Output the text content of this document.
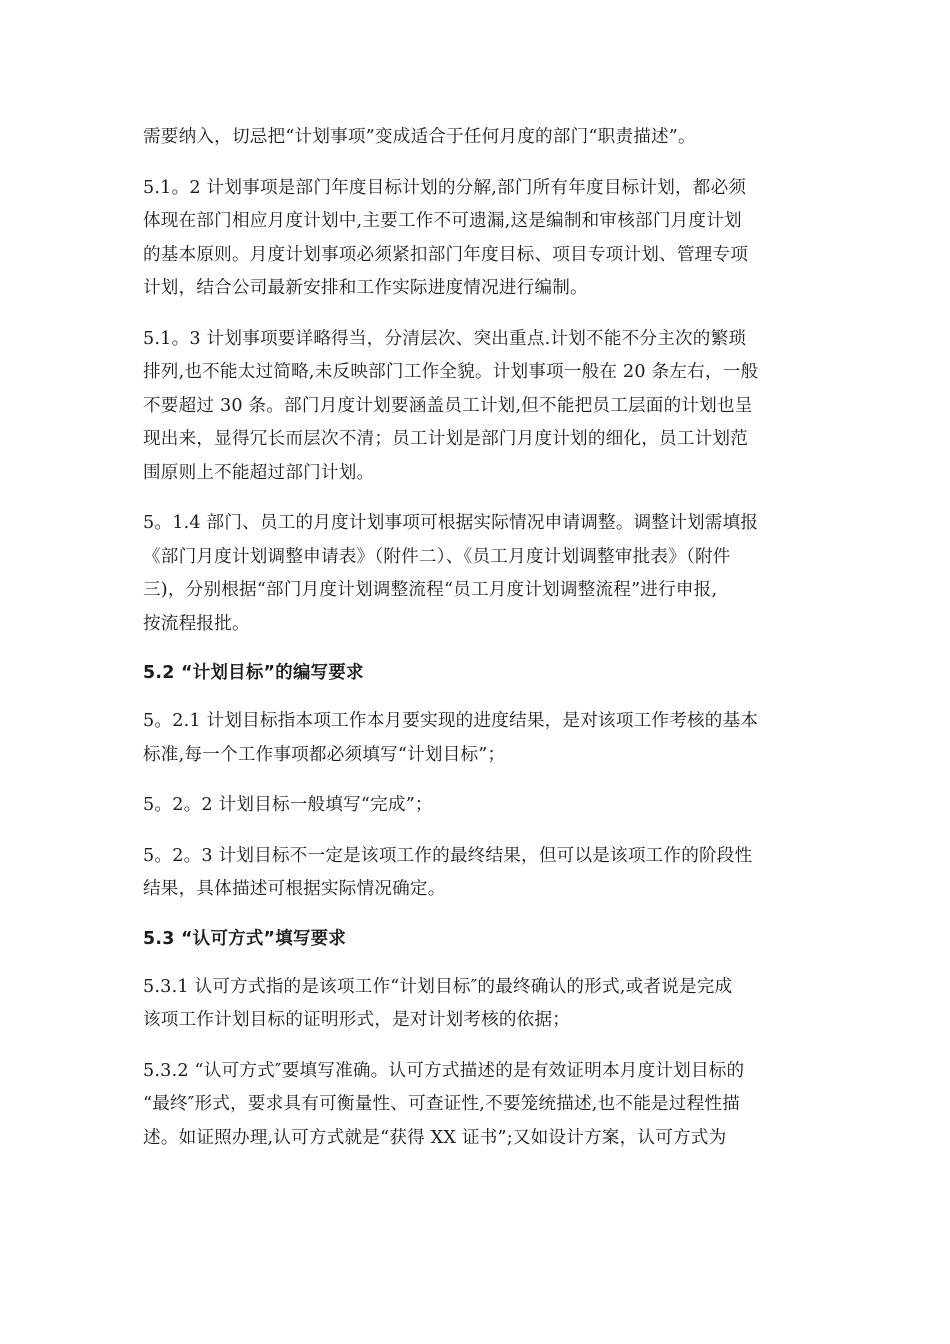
需要纳入，切忌把“计划事项”变成适合于任何月度的部门“职责描述”。

5.1。2 计划事项是部门年度目标计划的分解,部门所有年度目标计划，都必须
体现在部门相应月度计划中,主要工作不可遗漏,这是编制和审核部门月度计划
的基本原则。月度计划事项必须紧扣部门年度目标、项目专项计划、管理专项
计划，结合公司最新安排和工作实际进度情况进行编制。

5.1。3 计划事项要详略得当，分清层次、突出重点.计划不能不分主次的繁琐
排列,也不能太过简略,未反映部门工作全貌。计划事项一般在 20 条左右，一般
不要超过 30 条。部门月度计划要涵盖员工计划,但不能把员工层面的计划也呈
现出来，显得冗长而层次不清；员工计划是部门月度计划的细化，员工计划范
围原则上不能超过部门计划。

5。1.4 部门、员工的月度计划事项可根据实际情况申请调整。调整计划需填报
《部门月度计划调整申请表》（附件二）、《员工月度计划调整审批表》（附件
三)，分别根据“部门月度计划调整流程“员工月度计划调整流程”进行申报,
按流程报批。

5.2 “计划目标”的编写要求

5。2.1 计划目标指本项工作本月要实现的进度结果，是对该项工作考核的基本
标准,每一个工作事项都必须填写“计划目标”；

5。2。2 计划目标一般填写“完成”；

5。2。3 计划目标不一定是该项工作的最终结果，但可以是该项工作的阶段性
结果，具体描述可根据实际情况确定。

5.3 “认可方式”填写要求

5.3.1 认可方式指的是该项工作“计划目标″的最终确认的形式,或者说是完成
该项工作计划目标的证明形式，是对计划考核的依据；

5.3.2 “认可方式″要填写准确。认可方式描述的是有效证明本月度计划目标的
“最终″形式，要求具有可衡量性、可查证性,不要笼统描述,也不能是过程性描
述。如证照办理,认可方式就是“获得 XX 证书”;又如设计方案，认可方式为
